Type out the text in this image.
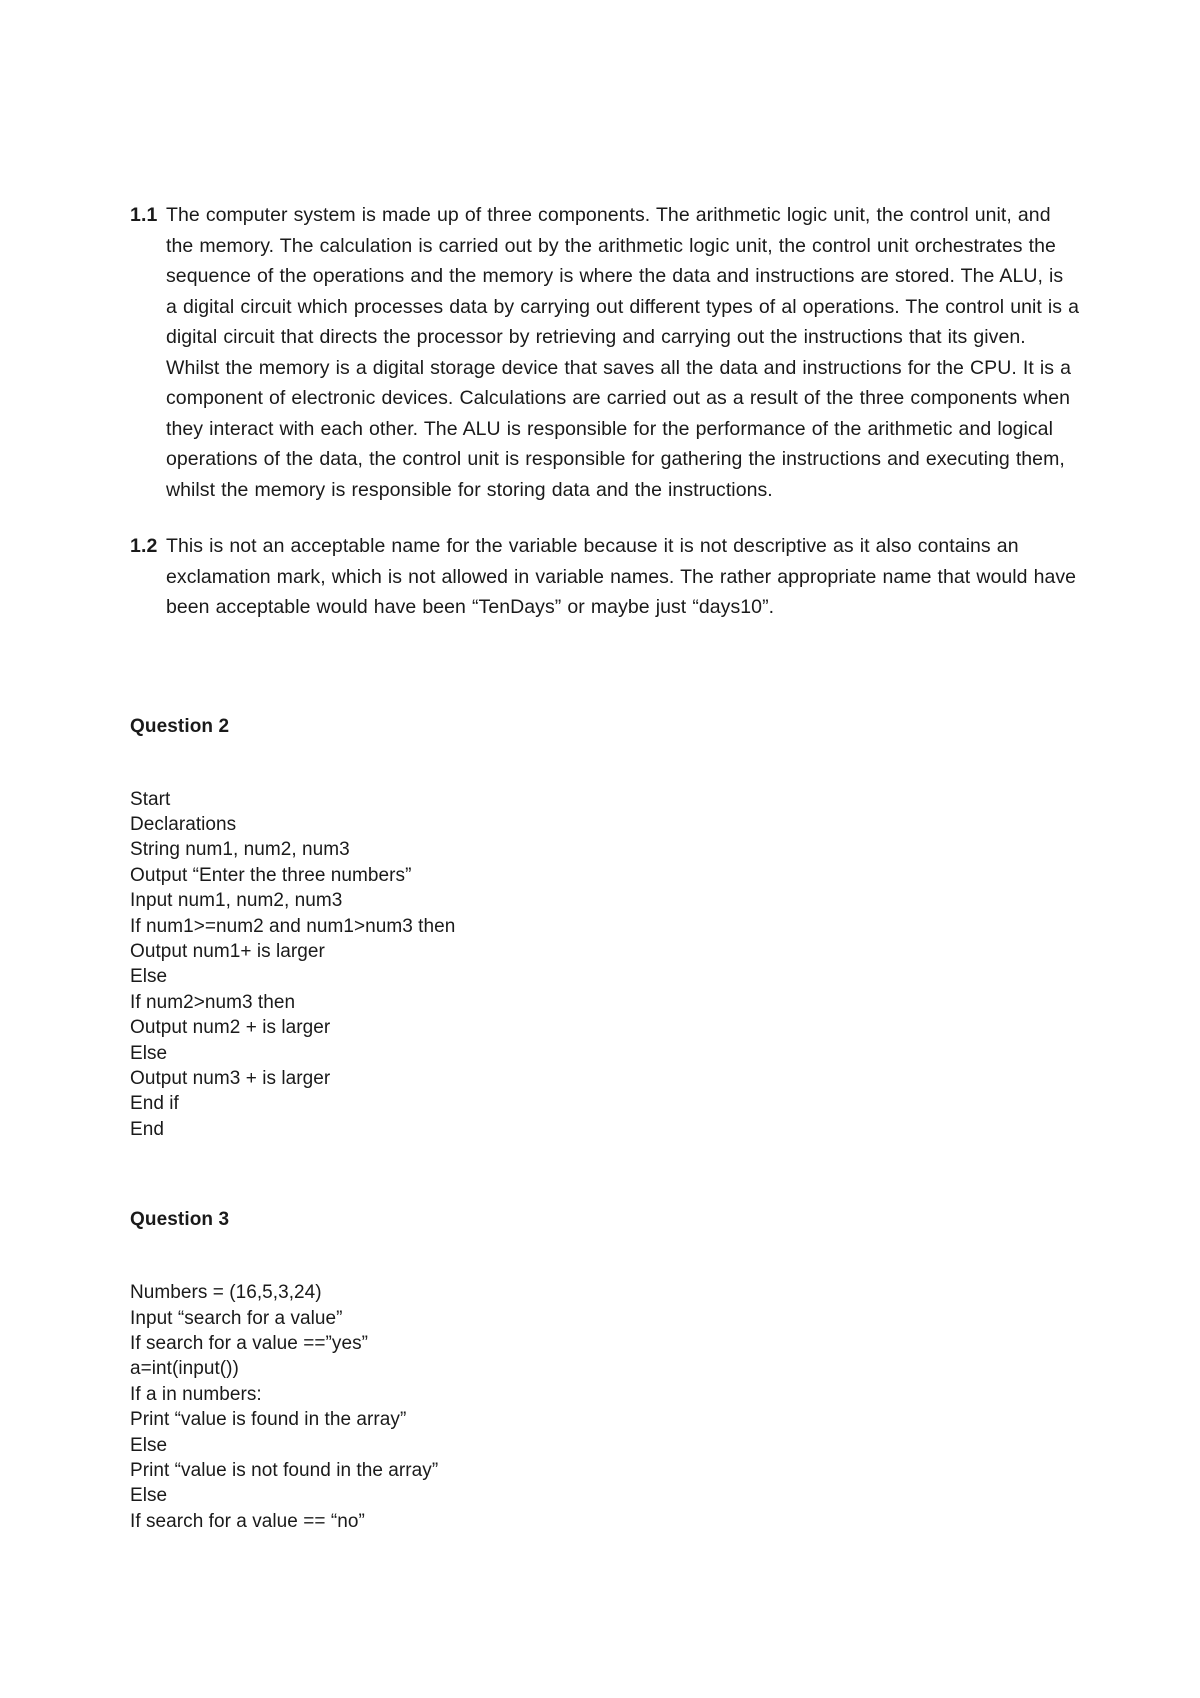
1.1 The computer system is made up of three components. The arithmetic logic unit, the control unit, and the memory. The calculation is carried out by the arithmetic logic unit, the control unit orchestrates the sequence of the operations and the memory is where the data and instructions are stored. The ALU, is a digital circuit which processes data by carrying out different types of al operations. The control unit is a digital circuit that directs the processor by retrieving and carrying out the instructions that its given. Whilst the memory is a digital storage device that saves all the data and instructions for the CPU. It is a component of electronic devices. Calculations are carried out as a result of the three components when they interact with each other. The ALU is responsible for the performance of the arithmetic and logical operations of the data, the control unit is responsible for gathering the instructions and executing them, whilst the memory is responsible for storing data and the instructions.
1.2 This is not an acceptable name for the variable because it is not descriptive as it also contains an exclamation mark, which is not allowed in variable names. The rather appropriate name that would have been acceptable would have been “TenDays” or maybe just “days10”.
Question 2
Start
Declarations
String num1, num2, num3
Output “Enter the three numbers”
Input num1, num2, num3
If num1>=num2 and num1>num3 then
Output num1+ is larger
Else
If num2>num3 then
Output num2 + is larger
Else
Output num3 + is larger
End if
End
Question 3
Numbers = (16,5,3,24)
Input “search for a value”
If search for a value ==”yes”
a=int(input())
If a in numbers:
Print “value is found in the array”
Else
Print “value is not found in the array”
Else
If search for a value == “no”
